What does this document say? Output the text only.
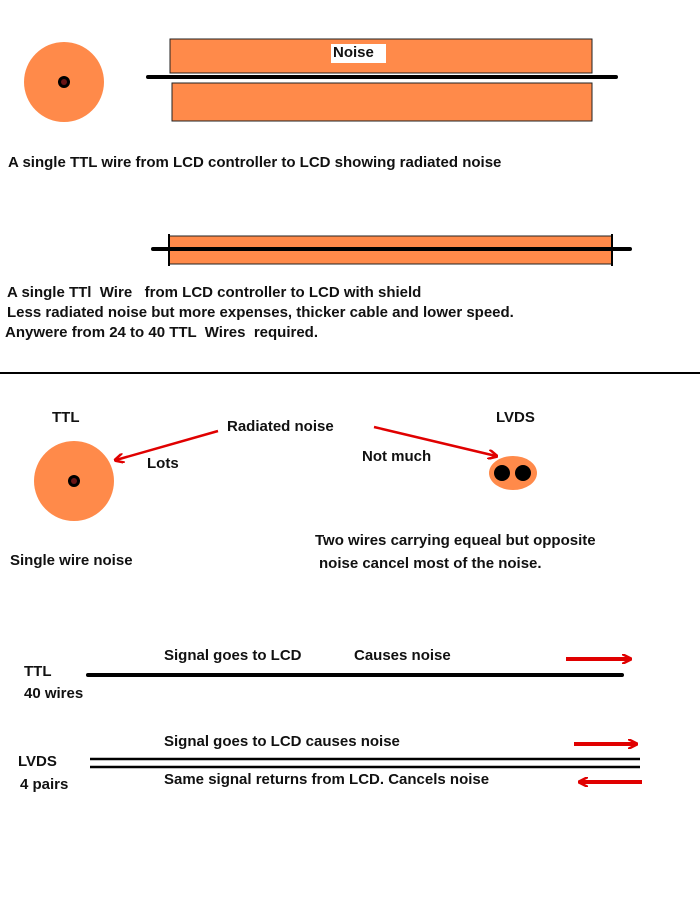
Noise
A single TTL wire from LCD controller to LCD showing radiated noise
A single TTl  Wire   from LCD controller to LCD with shield
Less radiated noise but more expenses, thicker cable and lower speed.
Anywere from 24 to 40 TTL  Wires  required.
TTL	LVDS
Radiated noise
Lots	Not much
Single wire noise
Two wires carrying equeal but opposite
noise cancel most of the noise.
TTL
40 wires
Signal goes to LCD	Causes noise
LVDS
4 pairs
Signal goes to LCD causes noise
Same signal returns from LCD. Cancels noise
